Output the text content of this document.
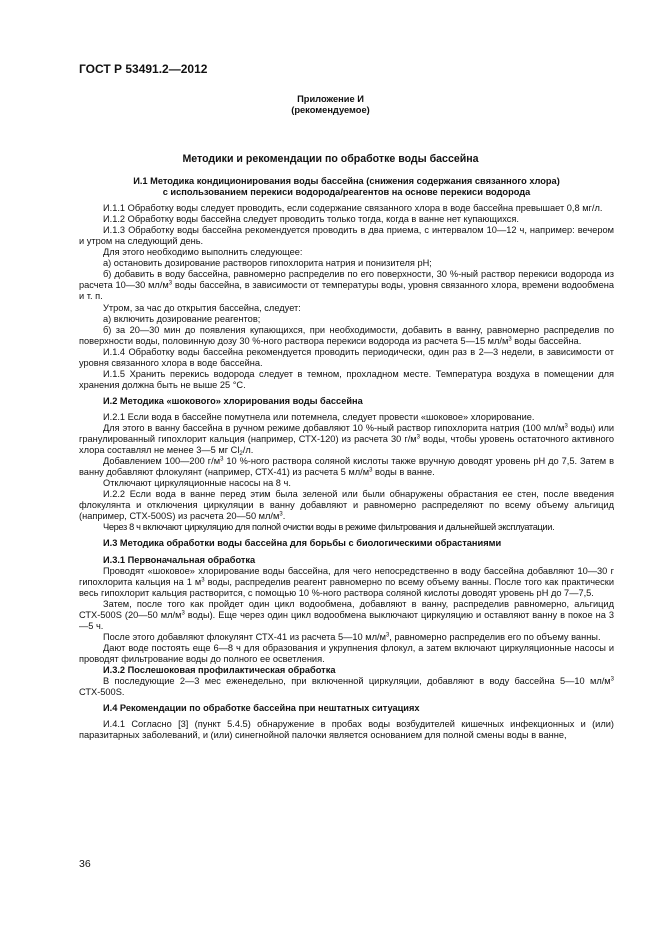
ГОСТ Р 53491.2—2012
Приложение И
(рекомендуемое)
Методики и рекомендации по обработке воды бассейна

И.1 Методика кондиционирования воды бассейна (снижения содержания связанного хлора)

с использованием перекиси водорода/реагентов на основе перекиси водорода

И.1.1 Обработку воды следует проводить, если содержание связанного хлора в воде бассейна превышает 0,8 мг/л.

И.1.2 Обработку воды бассейна следует проводить только тогда, когда в ванне нет купающихся.

И.1.3 Обработку воды бассейна рекомендуется проводить в два приема, с интервалом 10—12 ч, например: вечером и утром на следующий день.

Для этого необходимо выполнить следующее:

а) остановить дозирование растворов гипохлорита натрия и понизителя pH;

б) добавить в воду бассейна, равномерно распределив по его поверхности, 30 %-ный раствор перекиси водорода из расчета 10—30 $мл/м^3$ воды бассейна, в зависимости от температуры воды, уровня связанного хлора, времени водообмена и т. п.

Утром, за час до открытия бассейна, следует:

а) включить дозирование реагентов;

б) за 20—30 мин до появления купающихся, при необходимости, добавить в ванну, равномерно распределив по поверхности воды, половинную дозу 30 %-ного раствора перекиси водорода из расчета 5—15 $мл/м^3$ воды бассейна.

И.1.4 Обработку воды бассейна рекомендуется проводить периодически, один раз в 2—3 недели, в зависимости от уровня связанного хлора в воде бассейна.

И.1.5 Хранить перекись водорода следует в темном, прохладном месте. Температура воздуха в помещении для хранения должна быть не выше 25 °С.

И.2 Методика «шокового» хлорирования воды бассейна

И.2.1 Если вода в бассейне помутнела или потемнела, следует провести «шоковое» хлорирование.

Для этого в ванну бассейна в ручном режиме добавляют 10 %-ный раствор гипохлорита натрия (100 $мл/м^3$ воды) или гранулированный гипохлорит кальция (например, СТХ-120) из расчета 30 $г/м^3$ воды, чтобы уровень остаточного активного хлора составлял не менее 3—5 мг $Cl_2/л$.

Добавлением 100—200 $г/м^3$ 10 %-ного раствора соляной кислоты также вручную доводят уровень pH до 7,5. Затем в ванну добавляют флокулянт (например, СТХ-41) из расчета 5 $мл/м^3$ воды в ванне.

Отключают циркуляционные насосы на 8 ч.

И.2.2 Если вода в ванне перед этим была зеленой или были обнаружены обрастания ее стен, после введения флокулянта и отключения циркуляции в ванну добавляют и равномерно распределяют по всему объему альгицид (например, СТХ-500S) из расчета 20—50 $мл/м^3$.

Через 8 ч включают циркуляцию для полной очистки воды в режиме фильтрования и дальнейшей эксплуатации.

И.3 Методика обработки воды бассейна для борьбы с биологическими обрастаниями

И.3.1 Первоначальная обработка

Проводят «шоковое» хлорирование воды бассейна, для чего непосредственно в воду бассейна добавляют 10—30 г гипохлорита кальция на 1 $м^3$ воды, распределив реагент равномерно по всему объему ванны. После того как практически весь гипохлорит кальция растворится, с помощью 10 %-ного раствора соляной кислоты доводят уровень pH до 7—7,5.

Затем, после того как пройдет один цикл водообмена, добавляют в ванну, распределив равномерно, альгицид СТХ-500S (20—50 $мл/м^3$ воды). Еще через один цикл водообмена выключают циркуляцию и оставляют ванну в покое на 3—5 ч.

После этого добавляют флокулянт СТХ-41 из расчета 5—10 $мл/м^3$, равномерно распределив его по объему ванны.

Дают воде постоять еще 6—8 ч для образования и укрупнения флокул, а затем включают циркуляционные насосы и проводят фильтрование воды до полного ее осветления.

И.3.2 Послешоковая профилактическая обработка

В последующие 2—3 мес еженедельно, при включенной циркуляции, добавляют в воду бассейна 5—10 $мл/м^3$ СТХ-500S.

И.4 Рекомендации по обработке бассейна при нештатных ситуациях

И.4.1 Согласно [3] (пункт 5.4.5) обнаружение в пробах воды возбудителей кишечных инфекционных и (или) паразитарных заболеваний, и (или) синегнойной палочки является основанием для полной смены воды в ванне,

36
